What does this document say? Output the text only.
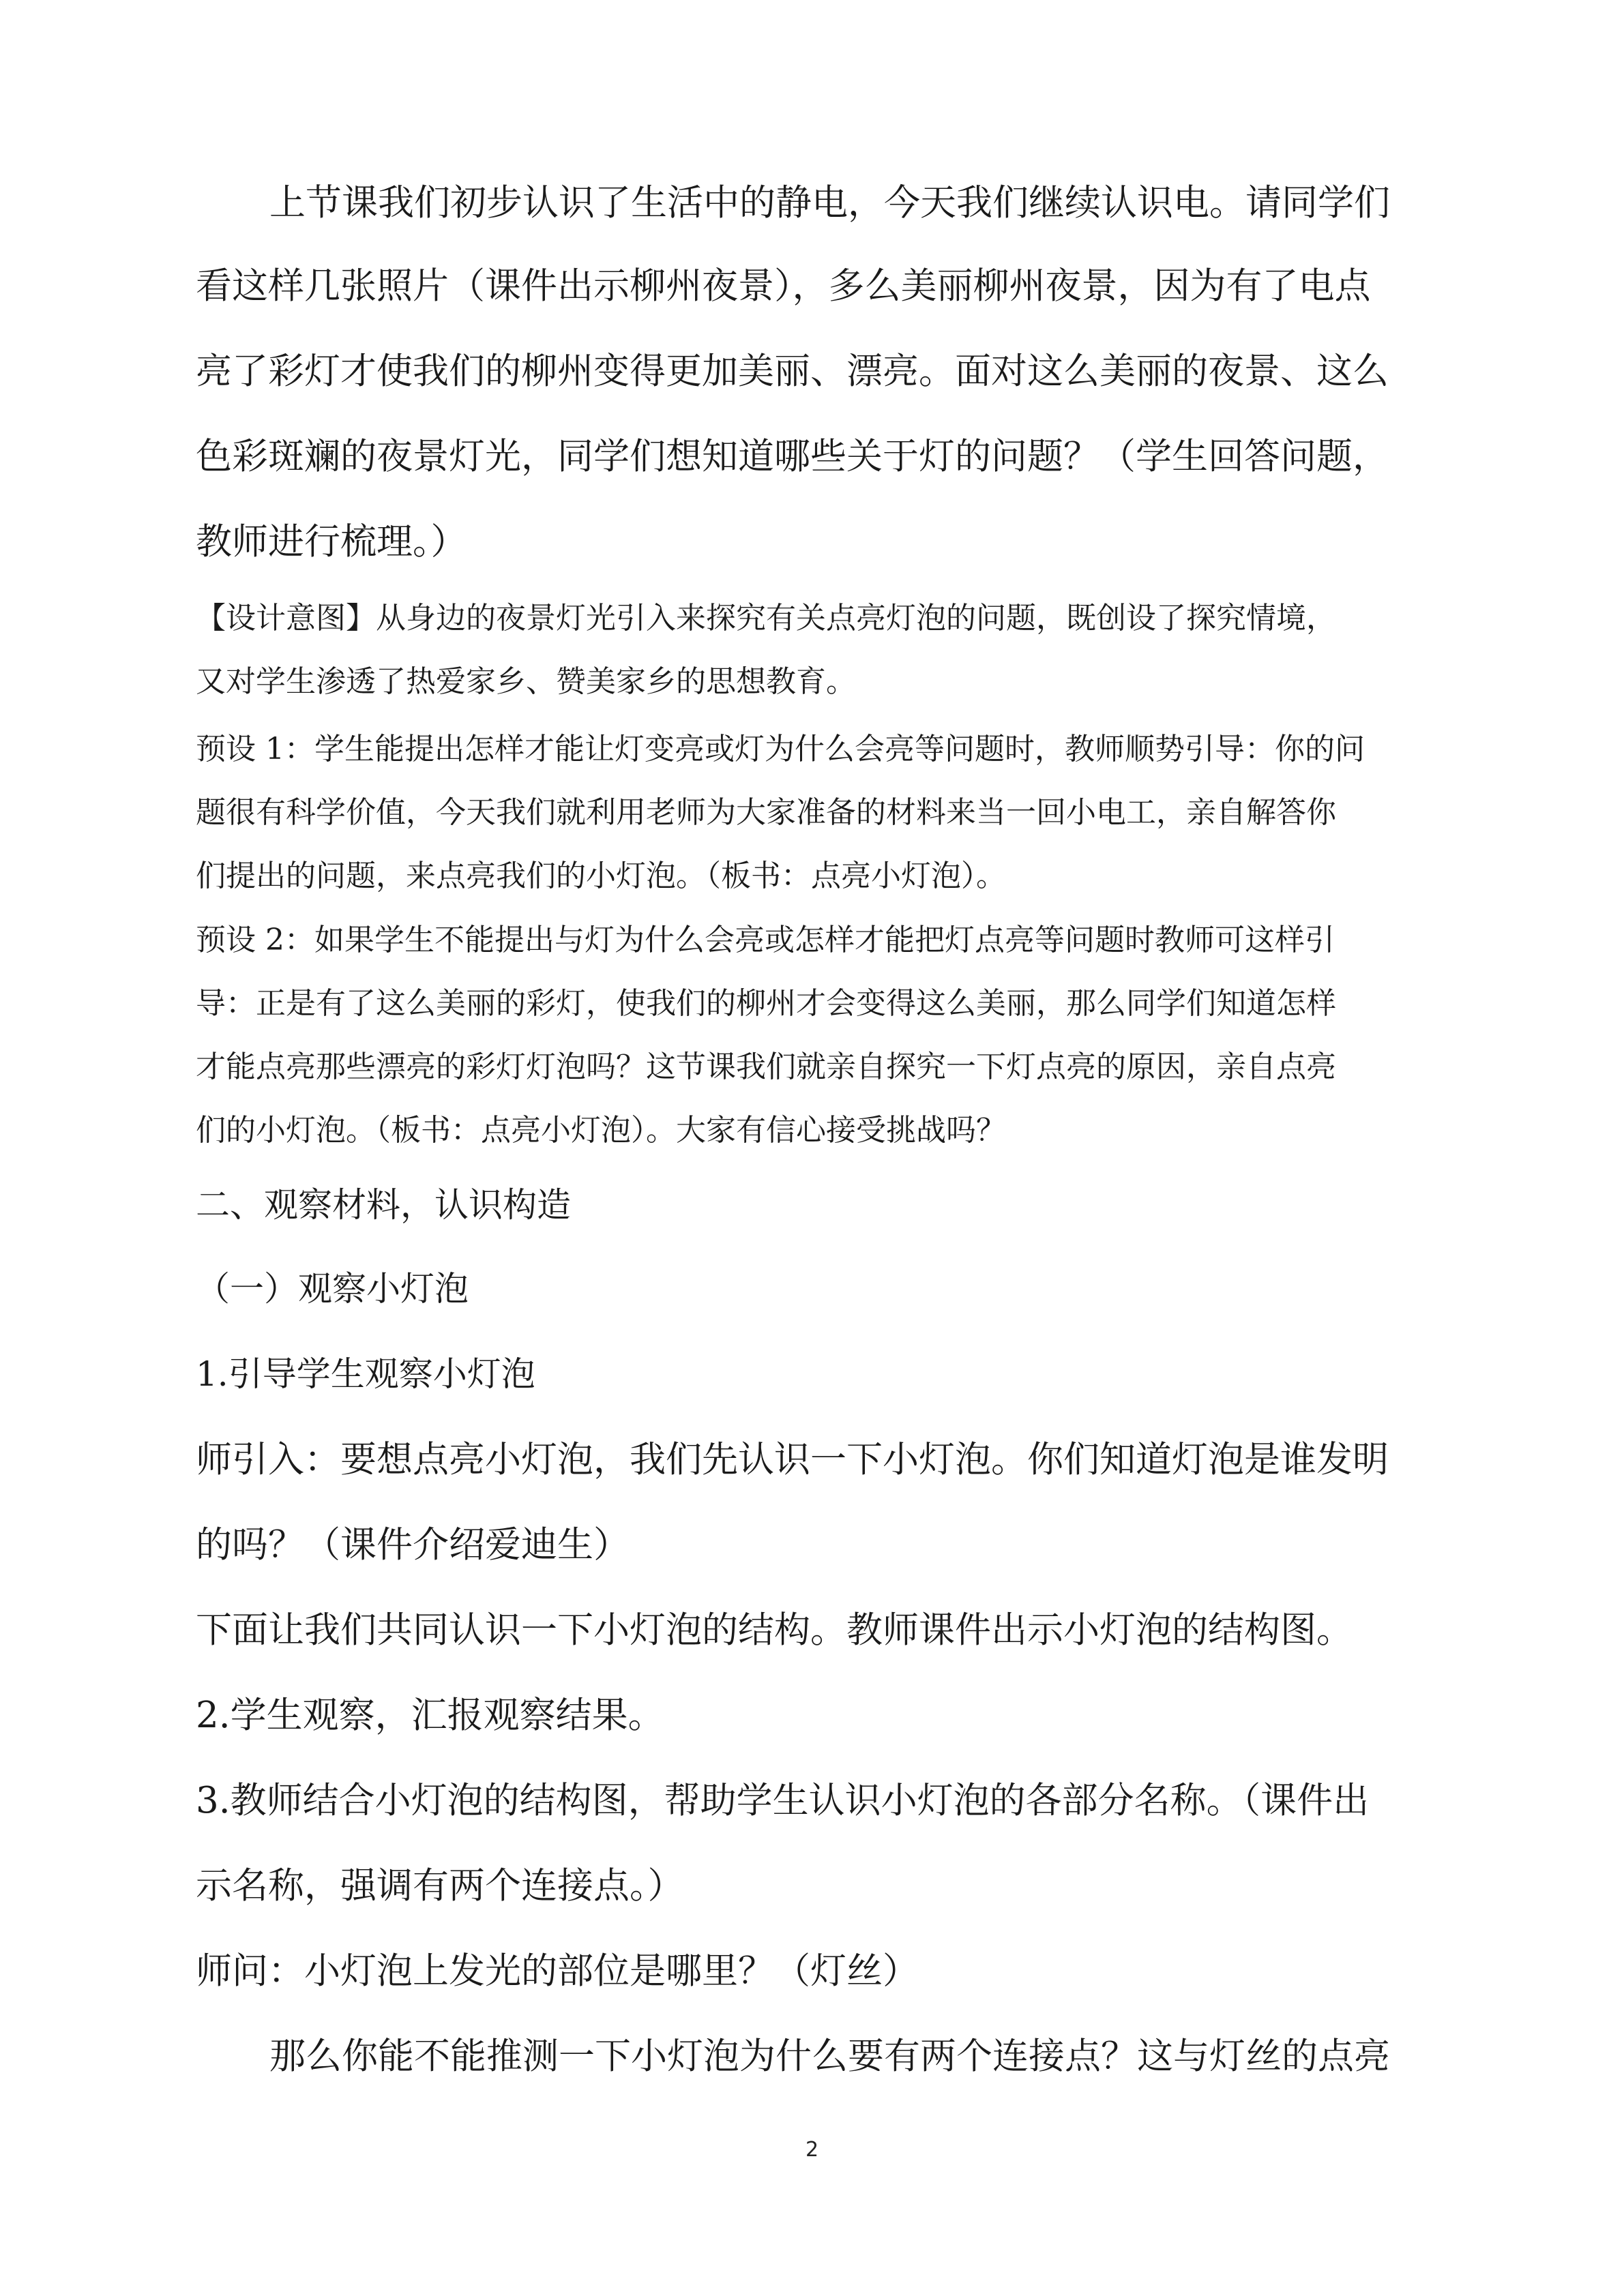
上节课我们初步认识了生活中的静电，今天我们继续认识电。请同学们
看这样几张照片（课件出示柳州夜景），多么美丽柳州夜景，因为有了电点
亮了彩灯才使我们的柳州变得更加美丽、漂亮。面对这么美丽的夜景、这么
色彩斑斓的夜景灯光，同学们想知道哪些关于灯的问题？（学生回答问题，
教师进行梳理。）
【设计意图】从身边的夜景灯光引入来探究有关点亮灯泡的问题，既创设了探究情境，
又对学生渗透了热爱家乡、赞美家乡的思想教育。
预设 1：学生能提出怎样才能让灯变亮或灯为什么会亮等问题时，教师顺势引导：你的问
题很有科学价值，今天我们就利用老师为大家准备的材料来当一回小电工，亲自解答你
们提出的问题，来点亮我们的小灯泡。（板书：点亮小灯泡）。
预设 2：如果学生不能提出与灯为什么会亮或怎样才能把灯点亮等问题时教师可这样引
导：正是有了这么美丽的彩灯，使我们的柳州才会变得这么美丽，那么同学们知道怎样
才能点亮那些漂亮的彩灯灯泡吗？这节课我们就亲自探究一下灯点亮的原因，亲自点亮
们的小灯泡。（板书：点亮小灯泡）。大家有信心接受挑战吗？
二、观察材料，认识构造
（一）观察小灯泡
1.引导学生观察小灯泡
师引入：要想点亮小灯泡，我们先认识一下小灯泡。你们知道灯泡是谁发明
的吗？（课件介绍爱迪生）
下面让我们共同认识一下小灯泡的结构。教师课件出示小灯泡的结构图。
2.学生观察，汇报观察结果。
3.教师结合小灯泡的结构图，帮助学生认识小灯泡的各部分名称。（课件出
示名称，强调有两个连接点。）
师问：小灯泡上发光的部位是哪里？（灯丝）
那么你能不能推测一下小灯泡为什么要有两个连接点？这与灯丝的点亮
2
